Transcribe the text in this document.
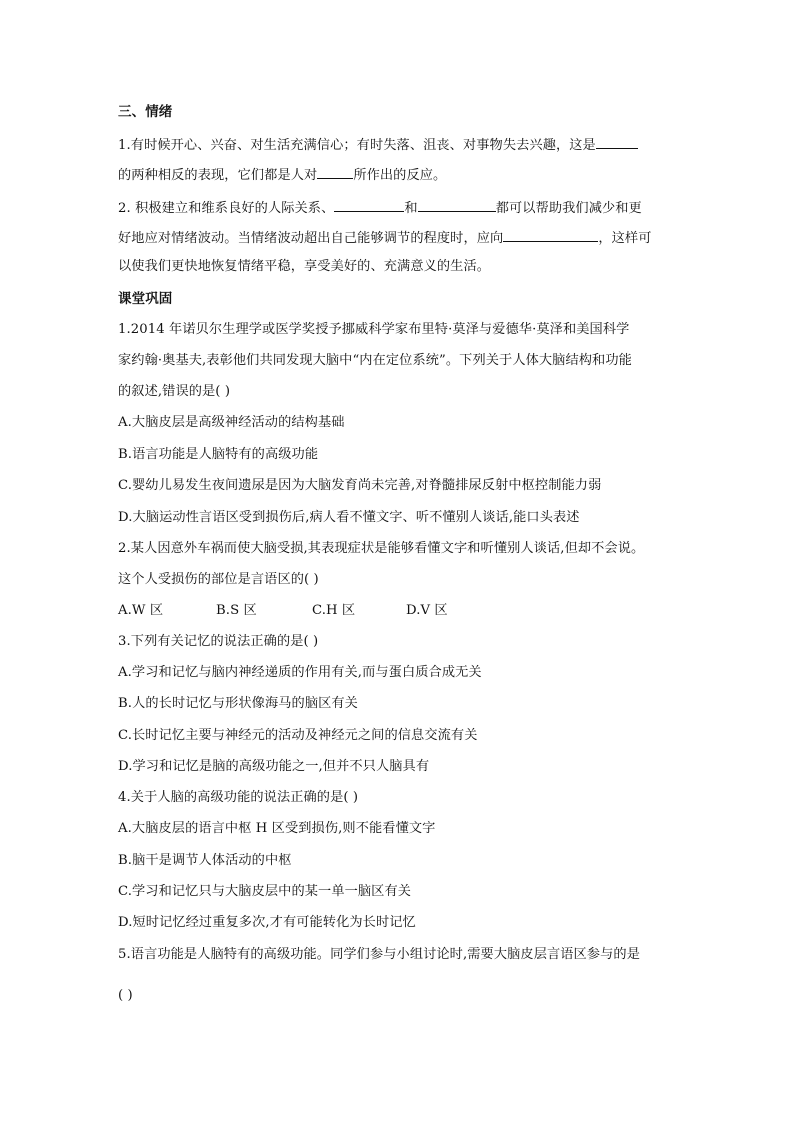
三、情绪
1.有时候开心、兴奋、对生活充满信心；有时失落、沮丧、对事物失去兴趣，这是
的两种相反的表现，它们都是人对	所作出的反应。
2. 积极建立和维系良好的人际关系、	和	都可以帮助我们减少和更
好地应对情绪波动。当情绪波动超出自己能够调节的程度时，应向	，这样可
以使我们更快地恢复情绪平稳，享受美好的、充满意义的生活。
课堂巩固
1.2014 年诺贝尔生理学或医学奖授予挪威科学家布里特·莫泽与爱德华·莫泽和美国科学
家约翰·奥基夫,表彰他们共同发现大脑中“内在定位系统”。下列关于人体大脑结构和功能
的叙述,错误的是( )
A.大脑皮层是高级神经活动的结构基础
B.语言功能是人脑特有的高级功能
C.婴幼儿易发生夜间遗尿是因为大脑发育尚未完善,对脊髓排尿反射中枢控制能力弱
D.大脑运动性言语区受到损伤后,病人看不懂文字、听不懂别人谈话,能口头表述
2.某人因意外车祸而使大脑受损,其表现症状是能够看懂文字和听懂别人谈话,但却不会说。
这个人受损伤的部位是言语区的( )
A.W 区	B.S 区	C.H 区	D.V 区
3.下列有关记忆的说法正确的是( )
A.学习和记忆与脑内神经递质的作用有关,而与蛋白质合成无关
B.人的长时记忆与形状像海马的脑区有关
C.长时记忆主要与神经元的活动及神经元之间的信息交流有关
D.学习和记忆是脑的高级功能之一,但并不只人脑具有
4.关于人脑的高级功能的说法正确的是( )
A.大脑皮层的语言中枢 H 区受到损伤,则不能看懂文字
B.脑干是调节人体活动的中枢
C.学习和记忆只与大脑皮层中的某一单一脑区有关
D.短时记忆经过重复多次,才有可能转化为长时记忆
5.语言功能是人脑特有的高级功能。同学们参与小组讨论时,需要大脑皮层言语区参与的是
( )
